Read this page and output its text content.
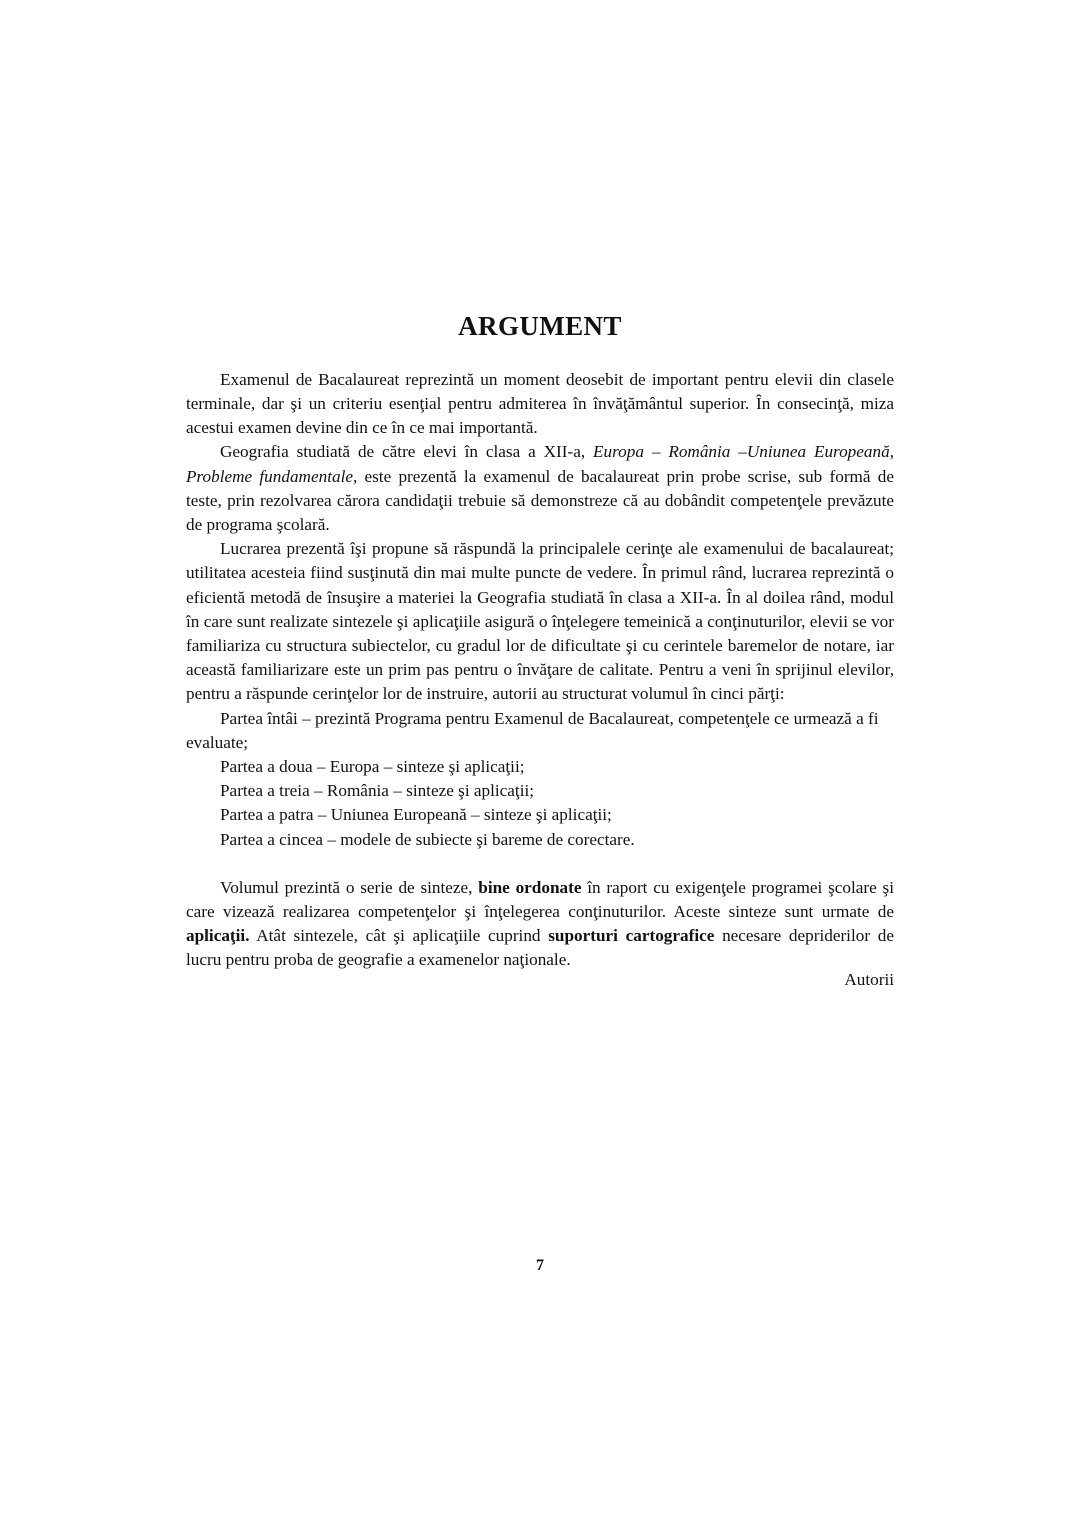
ARGUMENT

Examenul de Bacalaureat reprezintă un moment deosebit de important pentru elevii din clasele terminale, dar şi un criteriu esenţial pentru admiterea în învăţământul superior. În consecinţă, miza acestui examen devine din ce în ce mai importantă.

Geografia studiată de către elevi în clasa a XII-a, Europa – România –Uniunea Europeană, Probleme fundamentale, este prezentă la examenul de bacalaureat prin probe scrise, sub formă de teste, prin rezolvarea cărora candidaţii trebuie să demonstreze că au dobândit competenţele prevăzute de programa şcolară.

Lucrarea prezentă îşi propune să răspundă la principalele cerinţe ale examenului de bacalaureat; utilitatea acesteia fiind susţinută din mai multe puncte de vedere. În primul rând, lucrarea reprezintă o eficientă metodă de însuşire a materiei la Geografia studiată în clasa a XII-a. În al doilea rând, modul în care sunt realizate sintezele şi aplicaţiile asigură o înţelegere temeinică a conţinuturilor, elevii se vor familiariza cu structura subiectelor, cu gradul lor de dificultate şi cu cerintele baremelor de notare, iar această familiarizare este un prim pas pentru o învăţare de calitate. Pentru a veni în sprijinul elevilor, pentru a răspunde cerinţelor lor de instruire, autorii au structurat volumul în cinci părţi:

Partea întâi – prezintă Programa pentru Examenul de Bacalaureat, competenţele ce urmează a fi evaluate;

Partea a doua – Europa – sinteze şi aplicaţii;

Partea a treia – România – sinteze şi aplicaţii;

Partea a patra – Uniunea Europeană – sinteze şi aplicaţii;

Partea a cincea – modele de subiecte şi bareme de corectare.

Volumul prezintă o serie de sinteze, bine ordonate în raport cu exigenţele programei şcolare şi care vizează realizarea competenţelor şi înţelegerea conţinuturilor. Aceste sinteze sunt urmate de aplicaţii. Atât sintezele, cât şi aplicaţiile cuprind suporturi cartografice necesare depriderilor de lucru pentru proba de geografie a examenelor naţionale.

Autorii
7
